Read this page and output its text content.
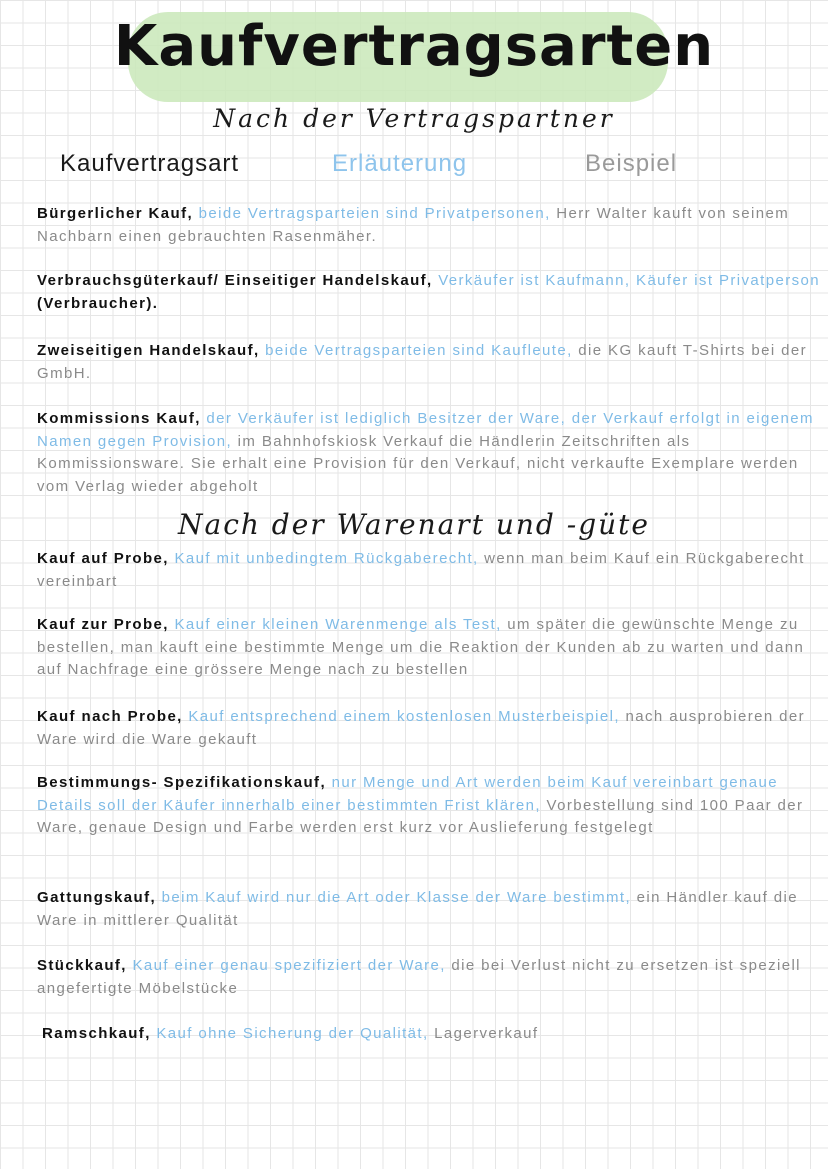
Kaufvertragsarten
Nach der Vertragspartner
Kaufvertragsart	Erläuterung	Beispiel
Bürgerlicher Kauf, beide Vertragsparteien sind Privatpersonen, Herr Walter kauft von seinem Nachbarn einen gebrauchten Rasenmäher.
Verbrauchsgüterkauf/ Einseitiger Handelskauf, Verkäufer ist Kaufmann, Käufer ist Privatperson (Verbraucher).
Zweiseitigen Handelskauf, beide Vertragsparteien sind Kaufleute, die KG kauft T-Shirts bei der GmbH.
Kommissions Kauf, der Verkäufer ist lediglich Besitzer der Ware, der Verkauf erfolgt in eigenem Namen gegen Provision, im Bahnhofskiosk Verkauf die Händlerin Zeitschriften als Kommissionsware. Sie erhalt eine Provision für den Verkauf, nicht verkaufte Exemplare werden vom Verlag wieder abgeholt
Nach der Warenart und -güte
Kauf auf Probe, Kauf mit unbedingtem Rückgaberecht, wenn man beim Kauf ein Rückgaberecht vereinbart
Kauf zur Probe, Kauf einer kleinen Warenmenge als Test, um später die gewünschte Menge zu bestellen, man kauft eine bestimmte Menge um die Reaktion der Kunden ab zu warten und dann auf Nachfrage eine grössere Menge nach zu bestellen
Kauf nach Probe, Kauf entsprechend einem kostenlosen Musterbeispiel, nach ausprobieren der Ware wird die Ware gekauft
Bestimmungs- Spezifikationskauf, nur Menge und Art werden beim Kauf vereinbart genaue Details soll der Käufer innerhalb einer bestimmten Frist klären, Vorbestellung sind 100 Paar der Ware, genaue Design und Farbe werden erst kurz vor Auslieferung festgelegt
Gattungskauf, beim Kauf wird nur die Art oder Klasse der Ware bestimmt, ein Händler kauf die Ware in mittlerer Qualität
Stückkauf, Kauf einer genau spezifiziert der Ware, die bei Verlust nicht zu ersetzen ist speziell angefertigte Möbelstücke
Ramschkauf, Kauf ohne Sicherung der Qualität, Lagerverkauf
